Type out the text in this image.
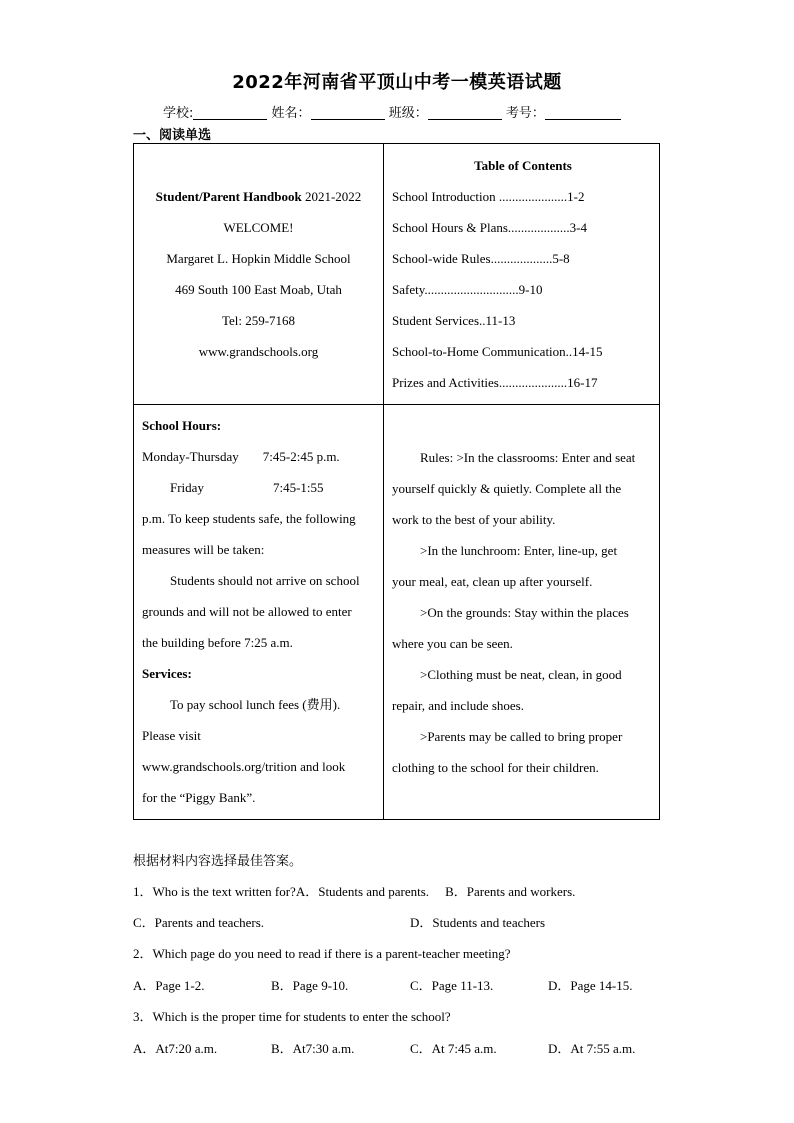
2022年河南省平顶山中考一模英语试题
学校:	姓名：	班级：	考号：
一、阅读单选
Student/Parent Handbook 2021-2022
WELCOME!
Margaret L. Hopkin Middle School
469 South 100 East Moab, Utah
Tel: 259-7168
www.grandschools.org
Table of Contents
School Introduction .....................1-2
School Hours & Plans...................3-4
School-wide Rules...................5-8
Safety.............................9-10
Student Services..11-13
School-to-Home Communication..14-15
Prizes and Activities.....................16-17
School Hours:
Monday-Thursday 7:45-2:45 p.m.
Friday	7:45-1:55
p.m. To keep students safe, the following
measures will be taken:
Students should not arrive on school
grounds and will not be allowed to enter
the building before 7:25 a.m.
Services:
To pay school lunch fees (费用).
Please visit
www.grandschools.org/trition and look
for the “Piggy Bank”.
Rules: >In the classrooms: Enter and seat
yourself quickly & quietly. Complete all the
work to the best of your ability.
>In the lunchroom: Enter, line-up, get
your meal, eat, clean up after yourself.
>On the grounds: Stay within the places
where you can be seen.
>Clothing must be neat, clean, in good
repair, and include shoes.
>Parents may be called to bring proper
clothing to the school for their children.
根据材料内容选择最佳答案。
1．Who is the text written for?A．Students and parents. B．Parents and workers.
C．Parents and teachers.	D．Students and teachers
2．Which page do you need to read if there is a parent-teacher meeting?
A．Page 1-2.	B．Page 9-10.	C．Page 11-13.	D．Page 14-15.
3．Which is the proper time for students to enter the school?
A．At7:20 a.m.	B．At7:30 a.m.	C．At 7:45 a.m.	D．At 7:55 a.m.
